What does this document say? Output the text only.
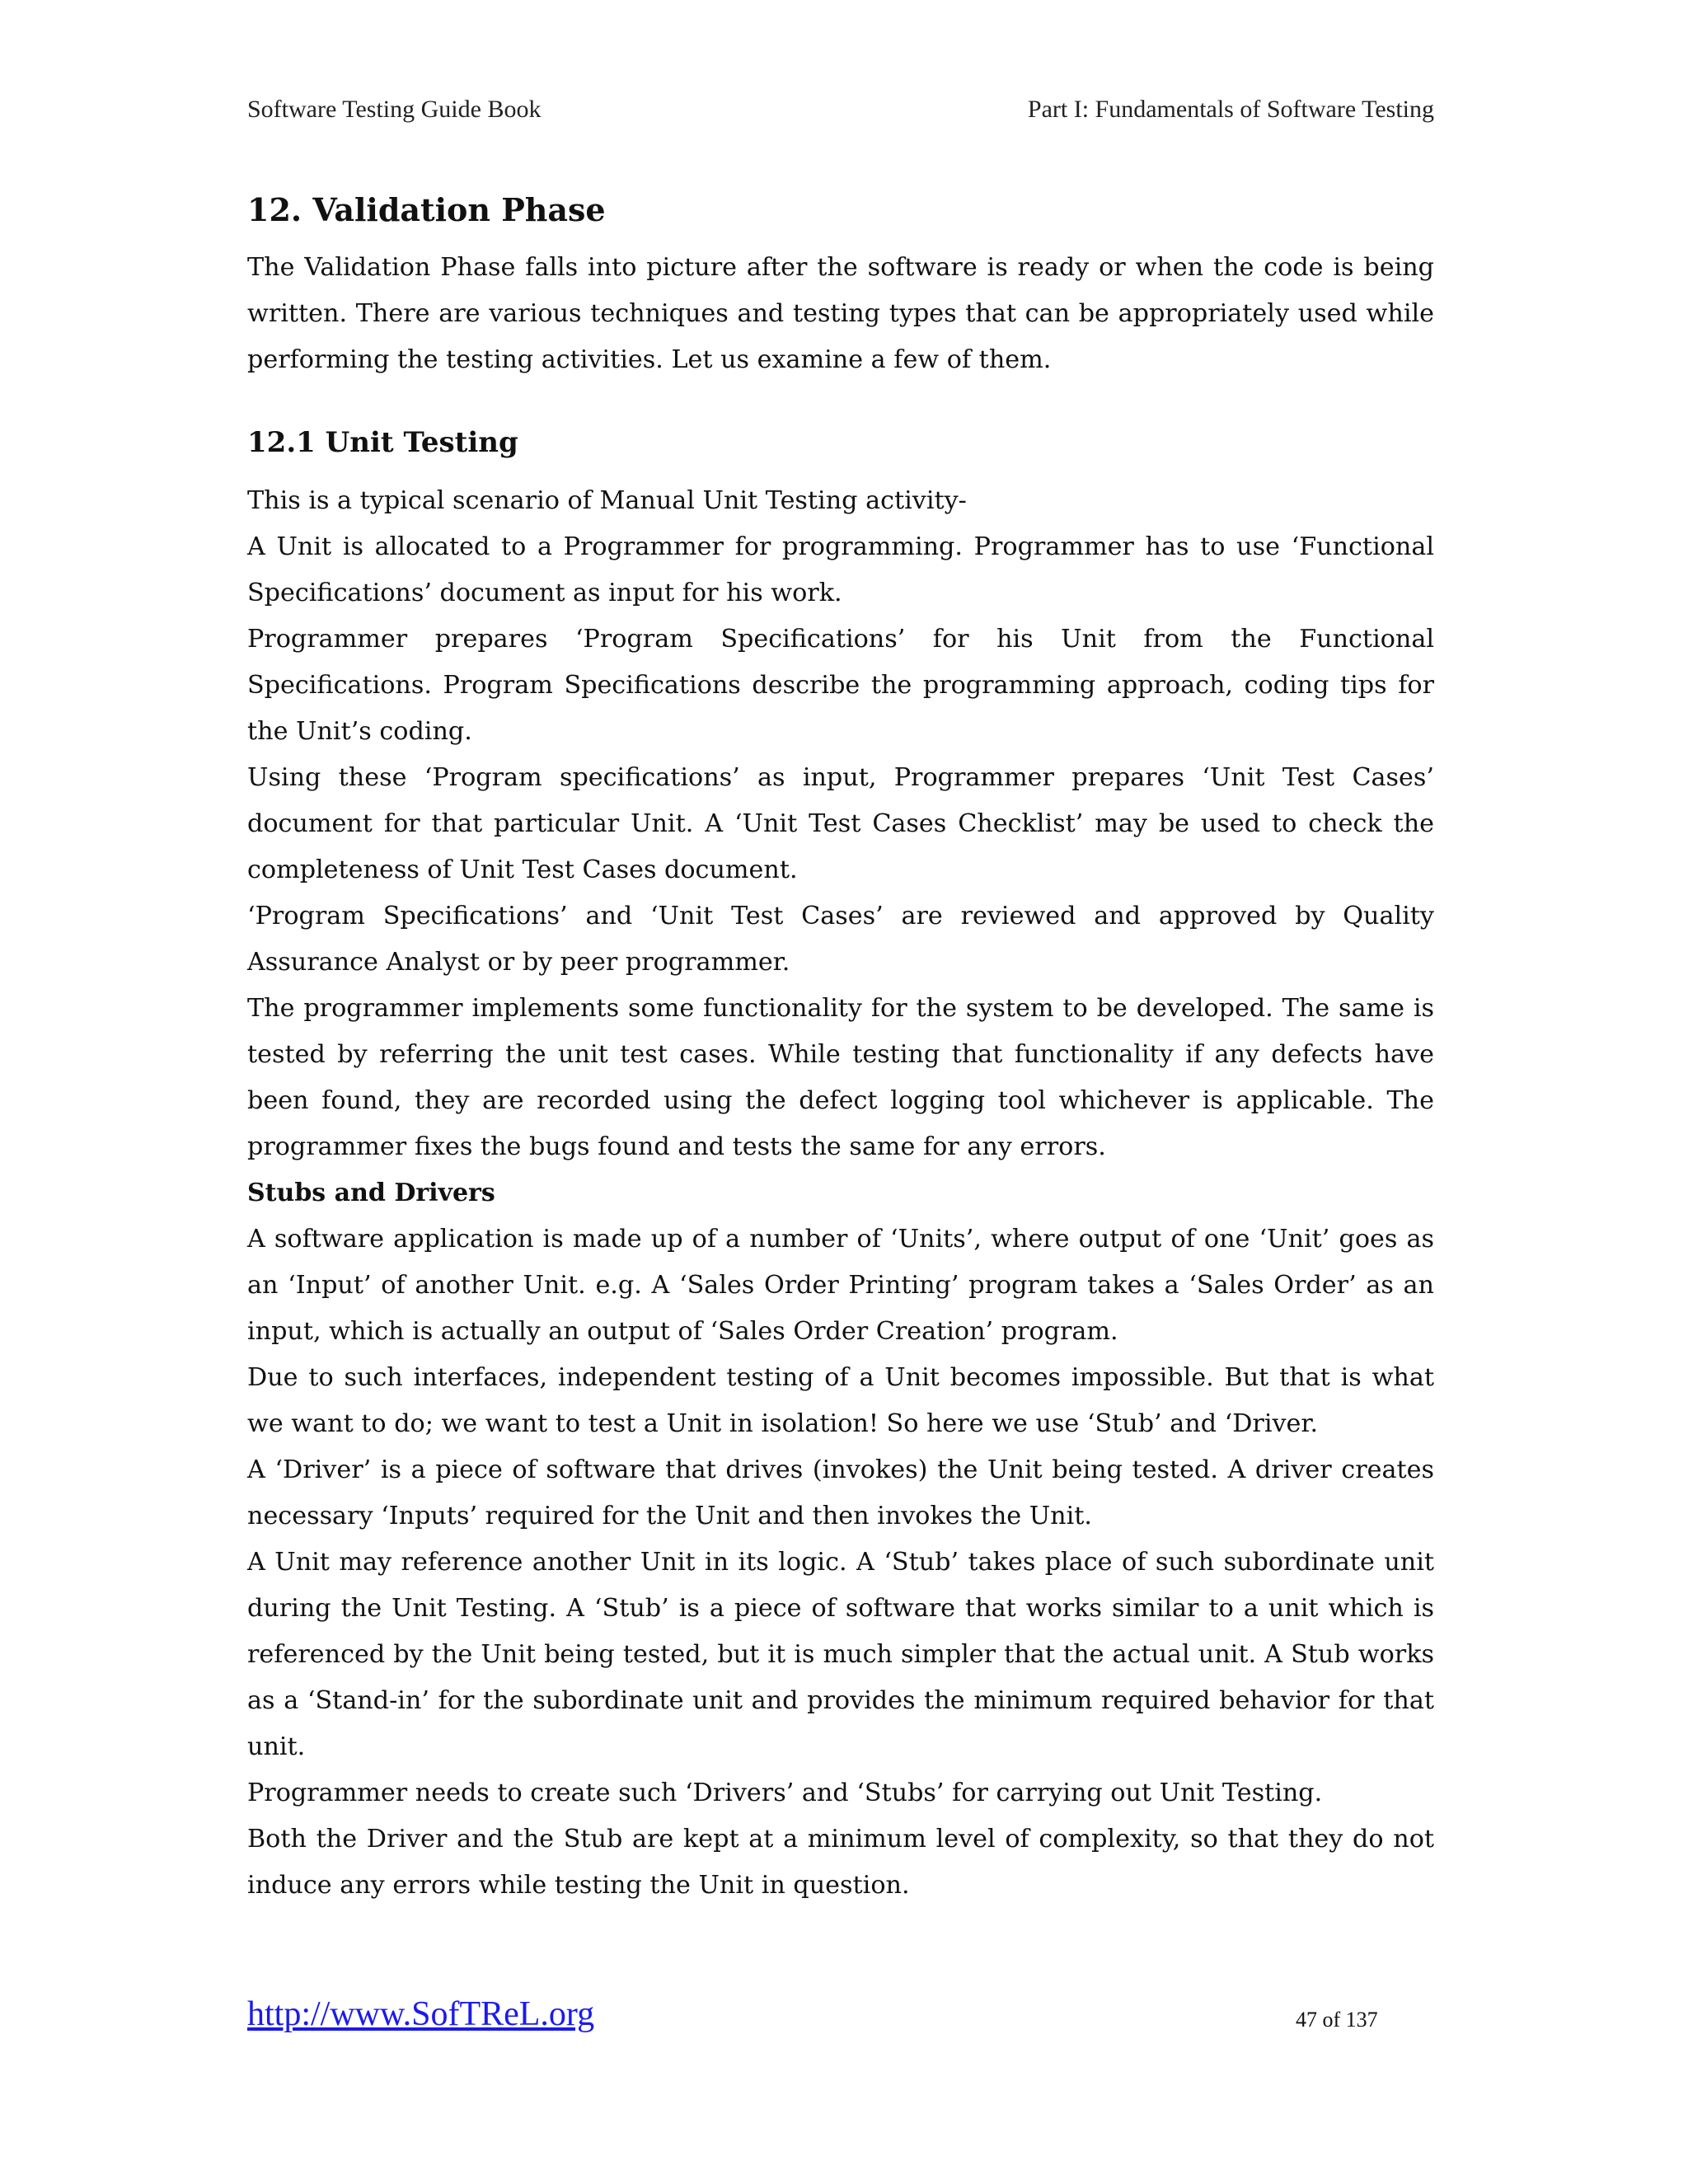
Software Testing Guide Book	Part I: Fundamentals of Software Testing
12. Validation Phase

The Validation Phase falls into picture after the software is ready or when the code is being written. There are various techniques and testing types that can be appropriately used while performing the testing activities. Let us examine a few of them.

12.1 Unit Testing

This is a typical scenario of Manual Unit Testing activity-

A Unit is allocated to a Programmer for programming. Programmer has to use ‘Functional Specifications’ document as input for his work.

Programmer prepares ‘Program Specifications’ for his Unit from the Functional Specifications. Program Specifications describe the programming approach, coding tips for the Unit’s coding.

Using these ‘Program specifications’ as input, Programmer prepares ‘Unit Test Cases’ document for that particular Unit. A ‘Unit Test Cases Checklist’ may be used to check the completeness of Unit Test Cases document.

‘Program Specifications’ and ‘Unit Test Cases’ are reviewed and approved by Quality Assurance Analyst or by peer programmer.

The programmer implements some functionality for the system to be developed. The same is tested by referring the unit test cases. While testing that functionality if any defects have been found, they are recorded using the defect logging tool whichever is applicable. The programmer fixes the bugs found and tests the same for any errors.

Stubs and Drivers

A software application is made up of a number of ‘Units’, where output of one ‘Unit’ goes as an ‘Input’ of another Unit. e.g. A ‘Sales Order Printing’ program takes a ‘Sales Order’ as an input, which is actually an output of ‘Sales Order Creation’ program.

Due to such interfaces, independent testing of a Unit becomes impossible. But that is what we want to do; we want to test a Unit in isolation! So here we use ‘Stub’ and ‘Driver.

A ‘Driver’ is a piece of software that drives (invokes) the Unit being tested. A driver creates necessary ‘Inputs’ required for the Unit and then invokes the Unit.

A Unit may reference another Unit in its logic. A ‘Stub’ takes place of such subordinate unit during the Unit Testing. A ‘Stub’ is a piece of software that works similar to a unit which is referenced by the Unit being tested, but it is much simpler that the actual unit. A Stub works as a ‘Stand-in’ for the subordinate unit and provides the minimum required behavior for that unit.

Programmer needs to create such ‘Drivers’ and ‘Stubs’ for carrying out Unit Testing.

Both the Driver and the Stub are kept at a minimum level of complexity, so that they do not induce any errors while testing the Unit in question.

http://www.SofTReL.org	47 of 137
